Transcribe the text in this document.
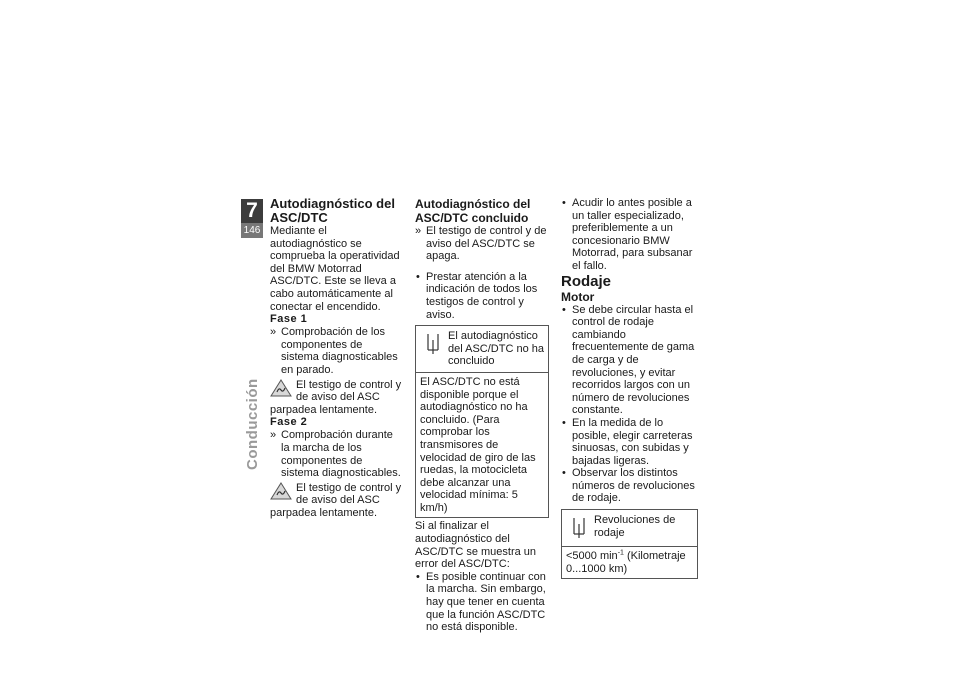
7
146
Conducción

Autodiagnóstico del ASC/DTC

Mediante el autodiagnóstico se comprueba la operatividad del BMW Motorrad ASC/DTC. Este se lleva a cabo automáticamente al conectar el encendido.

Fase 1

» Comprobación de los componentes de sistema diagnosticables en parado.
El testigo de control y de aviso del ASC parpadea lentamente.

Fase 2

» Comprobación durante la marcha de los componentes de sistema diagnosticables.
El testigo de control y de aviso del ASC parpadea lentamente.

Autodiagnóstico del ASC/DTC concluido

» El testigo de control y de aviso del ASC/DTC se apaga.
• Prestar atención a la indicación de todos los testigos de control y aviso.
El autodiagnóstico del ASC/DTC no ha concluido
El ASC/DTC no está disponible porque el autodiagnóstico no ha concluido. (Para comprobar los transmisores de velocidad de giro de las ruedas, la motocicleta debe alcanzar una velocidad mínima: 5 km/h)

Si al finalizar el autodiagnóstico del ASC/DTC se muestra un error del ASC/DTC:

• Es posible continuar con la marcha. Sin embargo, hay que tener en cuenta que la función ASC/DTC no está disponible.
• Acudir lo antes posible a un taller especializado, preferiblemente a un concesionario BMW Motorrad, para subsanar el fallo.

Rodaje

Motor

• Se debe circular hasta el control de rodaje cambiando frecuentemente de gama de carga y de revoluciones, y evitar recorridos largos con un número de revoluciones constante.
• En la medida de lo posible, elegir carreteras sinuosas, con subidas y bajadas ligeras.
• Observar los distintos números de revoluciones de rodaje.
Revoluciones de rodaje
<5000 $\min^{-1}$ (Kilometraje 0...1000 km)
